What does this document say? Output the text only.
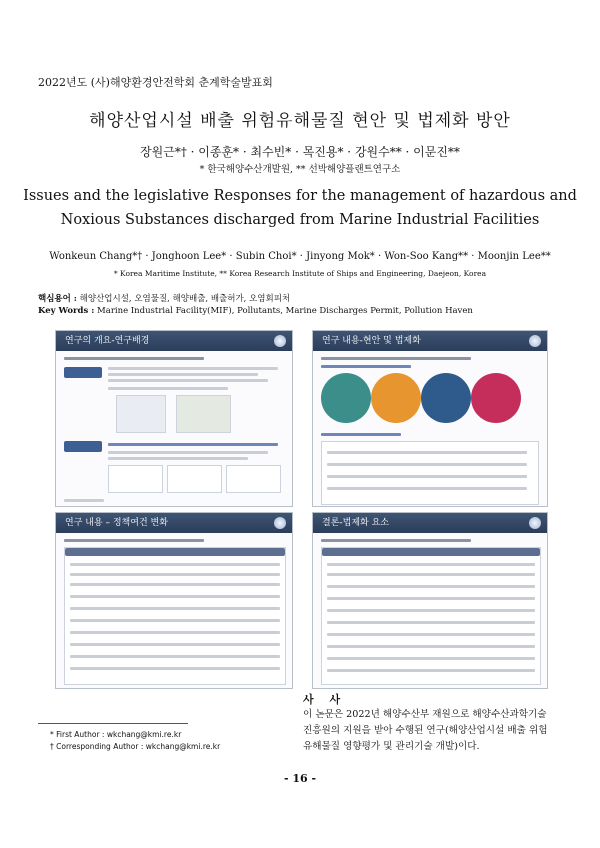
2022년도 (사)해양환경안전학회 춘계학술발표회
해양산업시설 배출 위험유해물질 현안 및 법제화 방안
장원근*† · 이종훈* · 최수빈* · 목진용* · 강원수** · 이문진**
* 한국해양수산개발원, ** 선박해양플랜트연구소
Issues and the legislative Responses for the management of hazardous and
Noxious Substances discharged from Marine Industrial Facilities
Wonkeun Chang*† · Jonghoon Lee* · Subin Choi* · Jinyong Mok* · Won-Soo Kang** · Moonjin Lee**
* Korea Maritime Institute, ** Korea Research Institute of Ships and Engineering, Daejeon, Korea
핵심용어 : 해양산업시설, 오염물질, 해양배출, 배출허가, 오염회피처
Key Words : Marine Industrial Facility(MIF), Pollutants, Marine Discharges Permit, Pollution Haven
연구의 개요-연구배경	연구 내용-현안 및 법제화
연구 내용 – 정책여건 변화	결론-법제화 요소
사 사
이 논문은 2022년 해양수산부 재원으로 해양수산과학기술
진흥원의 지원을 받아 수행된 연구(해양산업시설 배출 위험
유해물질 영향평가 및 관리기술 개발)이다.
* First Author : wkchang@kmi.re.kr
† Corresponding Author : wkchang@kmi.re.kr
- 16 -
